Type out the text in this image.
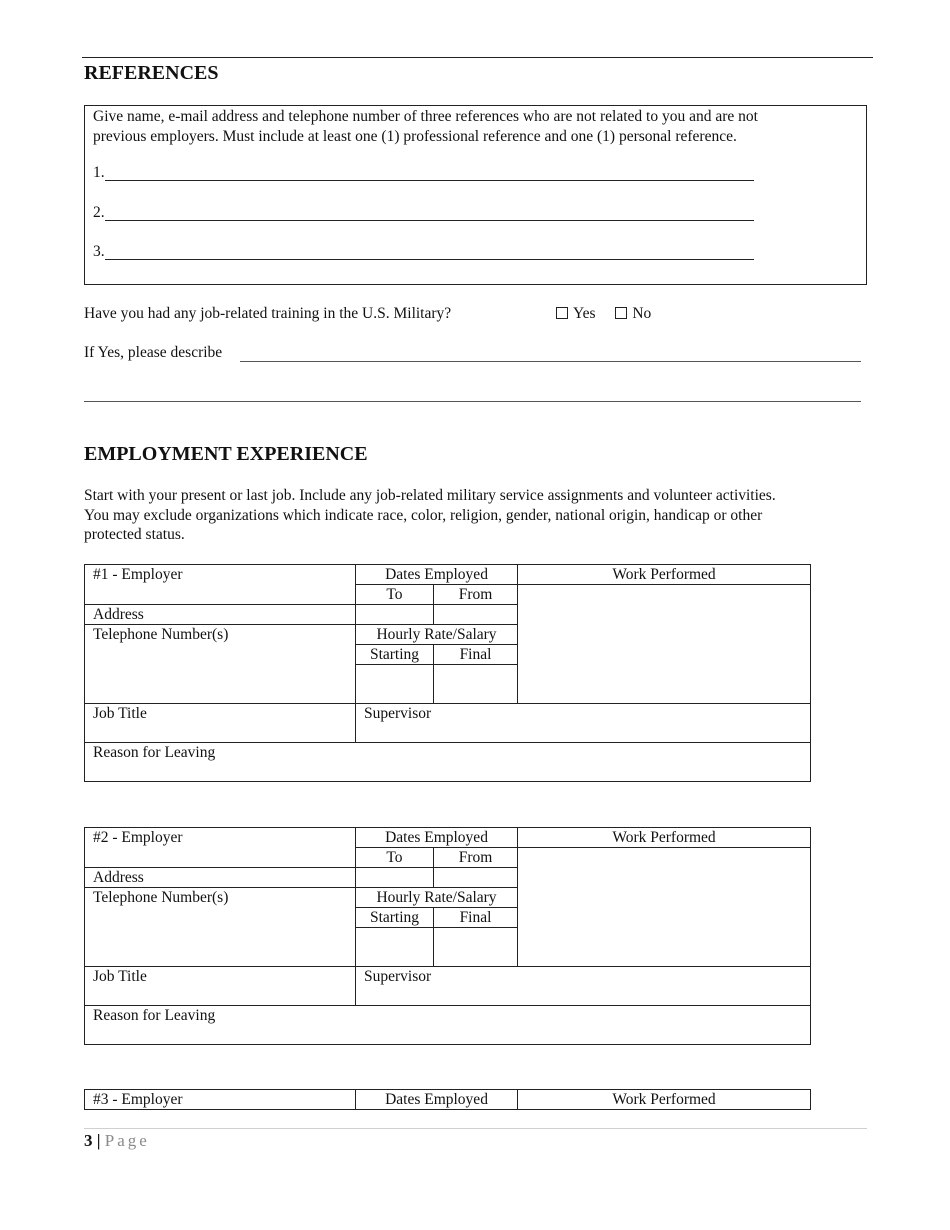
REFERENCES
Give name, e-mail address and telephone number of three references who are not related to you and are not
previous employers. Must include at least one (1) professional reference and one (1) personal reference.
1.
2.
3.
Have you had any job-related training in the U.S. Military?	Yes No
If Yes, please describe
EMPLOYMENT EXPERIENCE
Start with your present or last job. Include any job-related military service assignments and volunteer activities.
You may exclude organizations which indicate race, color, religion, gender, national origin, handicap or other
protected status.
#1 - Employer	Dates Employed		Work Performed
	To	From	
Address			

Telephone Number(s)	Hourly Rate/Salary		
	Starting	Final	

Job Title	Supervisor		
Reason for Leaving			
#2 - Employer	Dates Employed		Work Performed
	To	From	
Address			

Telephone Number(s)	Hourly Rate/Salary		
	Starting	Final	

Job Title	Supervisor		
Reason for Leaving			
#3 - Employer	Dates Employed	Work Performed
3 | Page
